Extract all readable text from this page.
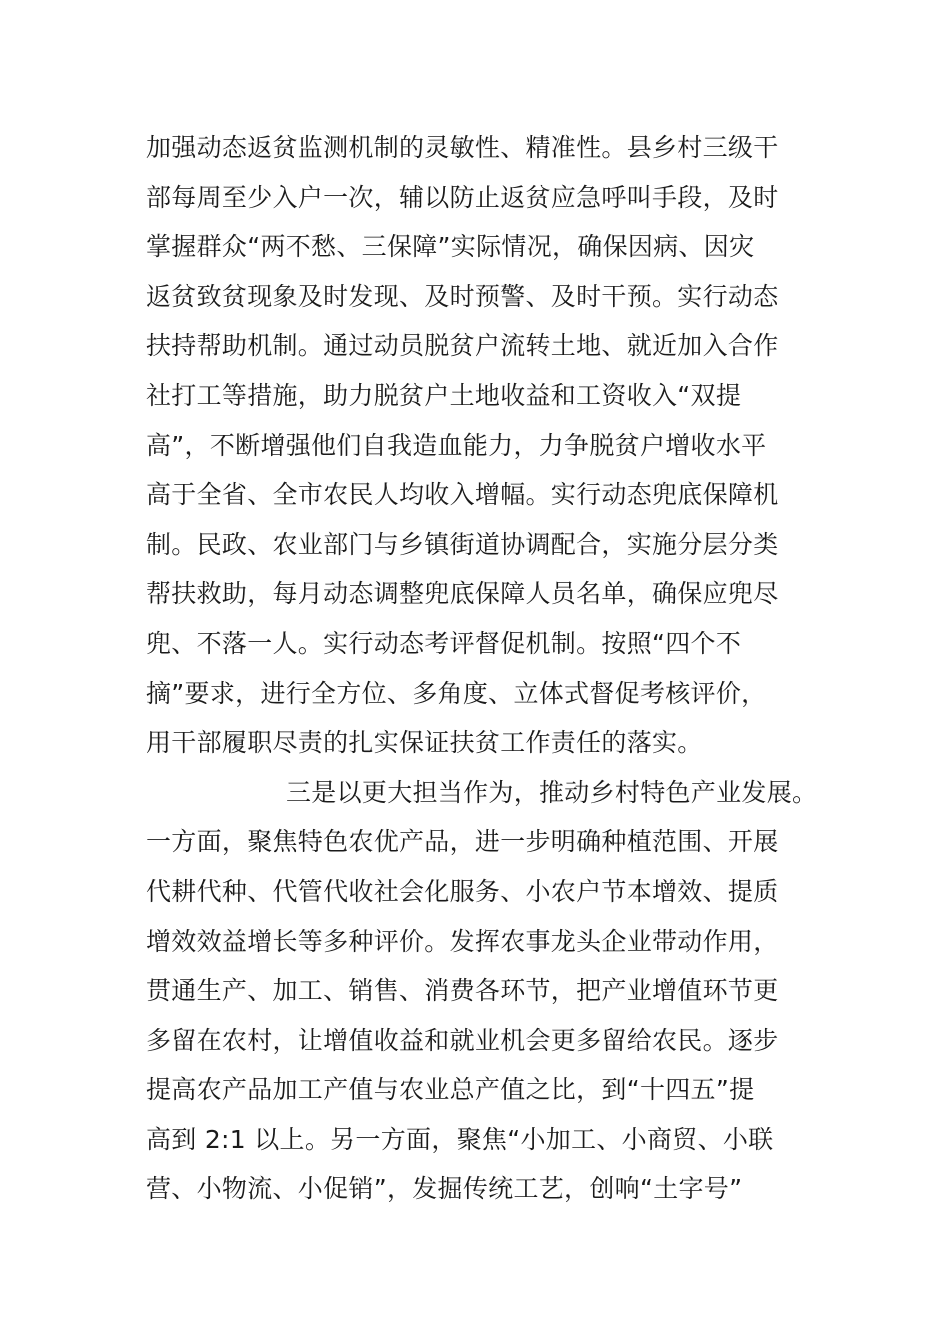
加强动态返贫监测机制的灵敏性、精准性。县乡村三级干
部每周至少入户一次，辅以防止返贫应急呼叫手段，及时
掌握群众“两不愁、三保障”实际情况，确保因病、因灾
返贫致贫现象及时发现、及时预警、及时干预。实行动态
扶持帮助机制。通过动员脱贫户流转土地、就近加入合作
社打工等措施，助力脱贫户土地收益和工资收入“双提
高”，不断增强他们自我造血能力，力争脱贫户增收水平
高于全省、全市农民人均收入增幅。实行动态兜底保障机
制。民政、农业部门与乡镇街道协调配合，实施分层分类
帮扶救助，每月动态调整兜底保障人员名单，确保应兜尽
兜、不落一人。实行动态考评督促机制。按照“四个不
摘”要求，进行全方位、多角度、立体式督促考核评价，
用干部履职尽责的扎实保证扶贫工作责任的落实。
三是以更大担当作为，推动乡村特色产业发展。
一方面，聚焦特色农优产品，进一步明确种植范围、开展
代耕代种、代管代收社会化服务、小农户节本增效、提质
增效效益增长等多种评价。发挥农事龙头企业带动作用，
贯通生产、加工、销售、消费各环节，把产业增值环节更
多留在农村，让增值收益和就业机会更多留给农民。逐步
提高农产品加工产值与农业总产值之比，到“十四五”提
高到 2:1 以上。另一方面，聚焦“小加工、小商贸、小联
营、小物流、小促销”，发掘传统工艺，创响“土字号”
